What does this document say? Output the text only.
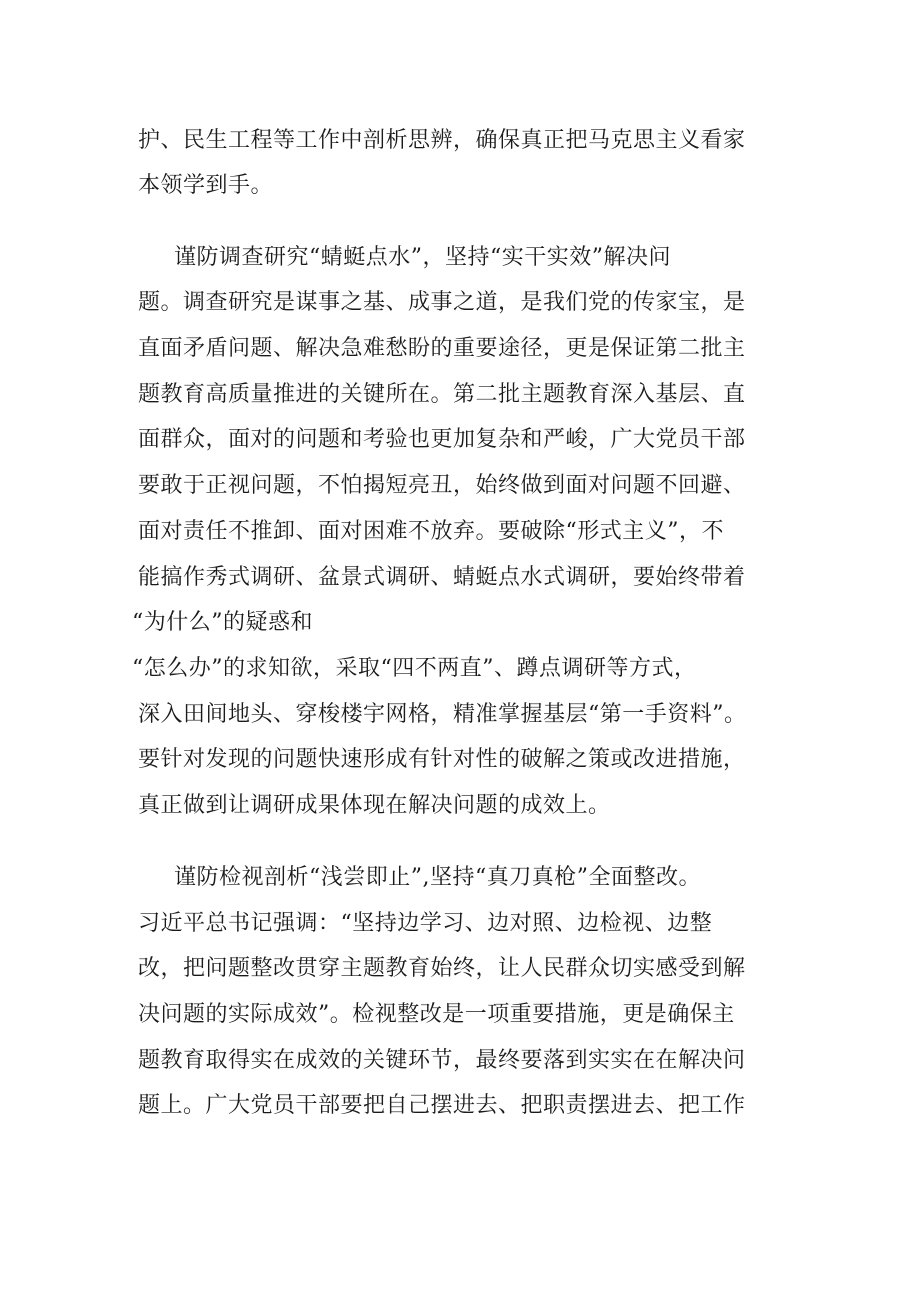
护、民生工程等工作中剖析思辨，确保真正把马克思主义看家
本领学到手。
谨防调查研究“蜻蜓点水”，坚持“实干实效”解决问
题。调查研究是谋事之基、成事之道，是我们党的传家宝，是
直面矛盾问题、解决急难愁盼的重要途径，更是保证第二批主
题教育高质量推进的关键所在。第二批主题教育深入基层、直
面群众，面对的问题和考验也更加复杂和严峻，广大党员干部
要敢于正视问题，不怕揭短亮丑，始终做到面对问题不回避、
面对责任不推卸、面对困难不放弃。要破除“形式主义”，不
能搞作秀式调研、盆景式调研、蜻蜓点水式调研，要始终带着
“为什么”的疑惑和
“怎么办”的求知欲，采取“四不两直”、蹲点调研等方式，
深入田间地头、穿梭楼宇网格，精准掌握基层“第一手资料”。
要针对发现的问题快速形成有针对性的破解之策或改进措施，
真正做到让调研成果体现在解决问题的成效上。
谨防检视剖析“浅尝即止”,坚持“真刀真枪”全面整改。
习近平总书记强调：“坚持边学习、边对照、边检视、边整
改，把问题整改贯穿主题教育始终，让人民群众切实感受到解
决问题的实际成效”。检视整改是一项重要措施，更是确保主
题教育取得实在成效的关键环节，最终要落到实实在在解决问
题上。广大党员干部要把自己摆进去、把职责摆进去、把工作
